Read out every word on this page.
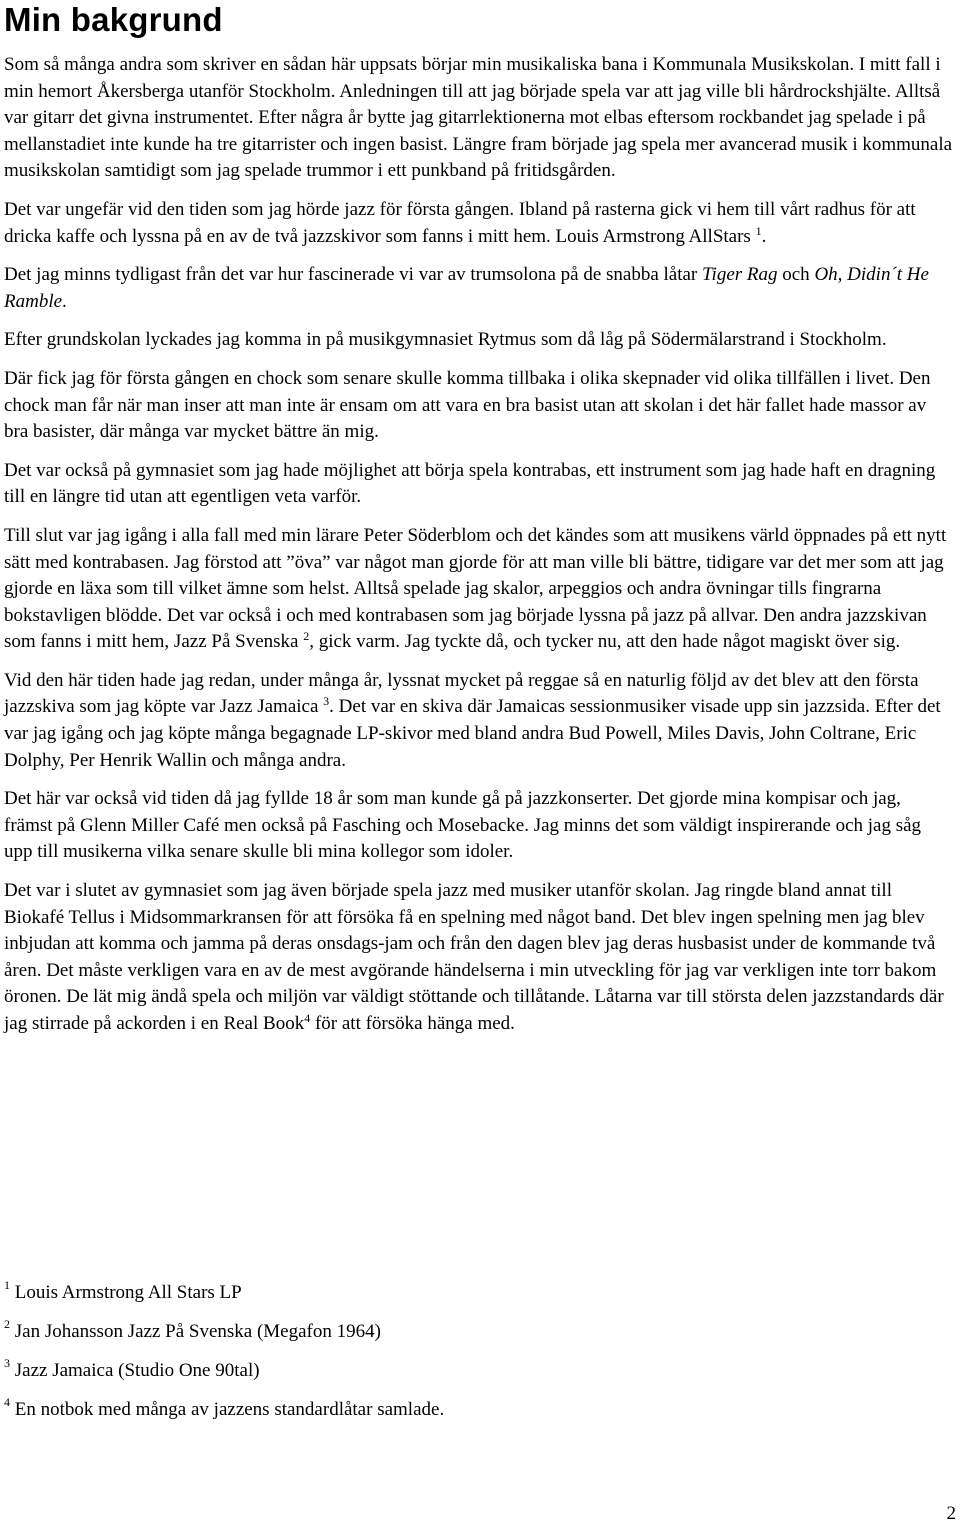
Min bakgrund

Som så många andra som skriver en sådan här uppsats börjar min musikaliska bana i Kommunala Musikskolan. I mitt fall i min hemort Åkersberga utanför Stockholm. Anledningen till att jag började spela var att jag ville bli hårdrockshjälte. Alltså var gitarr det givna instrumentet. Efter några år bytte jag gitarrlektionerna mot elbas eftersom rockbandet jag spelade i på mellanstadiet inte kunde ha tre gitarrister och ingen basist. Längre fram började jag spela mer avancerad musik i kommunala musikskolan samtidigt som jag spelade trummor i ett punkband på fritidsgården.

Det var ungefär vid den tiden som jag hörde jazz för första gången. Ibland på rasterna gick vi hem till vårt radhus för att dricka kaffe och lyssna på en av de två jazzskivor som fanns i mitt hem. Louis Armstrong AllStars $^1$.

Det jag minns tydligast från det var hur fascinerade vi var av trumsolona på de snabba låtar Tiger Rag och Oh, Didin´t He Ramble.

Efter grundskolan lyckades jag komma in på musikgymnasiet Rytmus som då låg på Södermälarstrand i Stockholm.

Där fick jag för första gången en chock som senare skulle komma tillbaka i olika skepnader vid olika tillfällen i livet. Den chock man får när man inser att man inte är ensam om att vara en bra basist utan att skolan i det här fallet hade massor av bra basister, där många var mycket bättre än mig.

Det var också på gymnasiet som jag hade möjlighet att börja spela kontrabas, ett instrument som jag hade haft en dragning till en längre tid utan att egentligen veta varför.

Till slut var jag igång i alla fall med min lärare Peter Söderblom och det kändes som att musikens värld öppnades på ett nytt sätt med kontrabasen. Jag förstod att ”öva” var något man gjorde för att man ville bli bättre, tidigare var det mer som att jag gjorde en läxa som till vilket ämne som helst. Alltså spelade jag skalor, arpeggios och andra övningar tills fingrarna bokstavligen blödde. Det var också i och med kontrabasen som jag började lyssna på jazz på allvar. Den andra jazzskivan som fanns i mitt hem, Jazz På Svenska $^2$, gick varm. Jag tyckte då, och tycker nu, att den hade något magiskt över sig.

Vid den här tiden hade jag redan, under många år, lyssnat mycket på reggae så en naturlig följd av det blev att den första jazzskiva som jag köpte var Jazz Jamaica $^3$. Det var en skiva där Jamaicas sessionmusiker visade upp sin jazzsida. Efter det var jag igång och jag köpte många begagnade LP-skivor med bland andra Bud Powell, Miles Davis, John Coltrane, Eric Dolphy, Per Henrik Wallin och många andra.

Det här var också vid tiden då jag fyllde 18 år som man kunde gå på jazzkonserter. Det gjorde mina kompisar och jag, främst på Glenn Miller Café men också på Fasching och Mosebacke. Jag minns det som väldigt inspirerande och jag såg upp till musikerna vilka senare skulle bli mina kollegor som idoler.

Det var i slutet av gymnasiet som jag även började spela jazz med musiker utanför skolan. Jag ringde bland annat till Biokafé Tellus i Midsommarkransen för att försöka få en spelning med något band. Det blev ingen spelning men jag blev inbjudan att komma och jamma på deras onsdags-jam och från den dagen blev jag deras husbasist under de kommande två åren. Det måste verkligen vara en av de mest avgörande händelserna i min utveckling för jag var verkligen inte torr bakom öronen. De lät mig ändå spela och miljön var väldigt stöttande och tillåtande. Låtarna var till största delen jazzstandards där jag stirrade på ackorden i en Real Book$^4$ för att försöka hänga med.

$^1$ Louis Armstrong All Stars LP
$^2$ Jan Johansson Jazz På Svenska (Megafon 1964)
$^3$ Jazz Jamaica (Studio One 90tal)
$^4$ En notbok med många av jazzens standardlåtar samlade.
2
